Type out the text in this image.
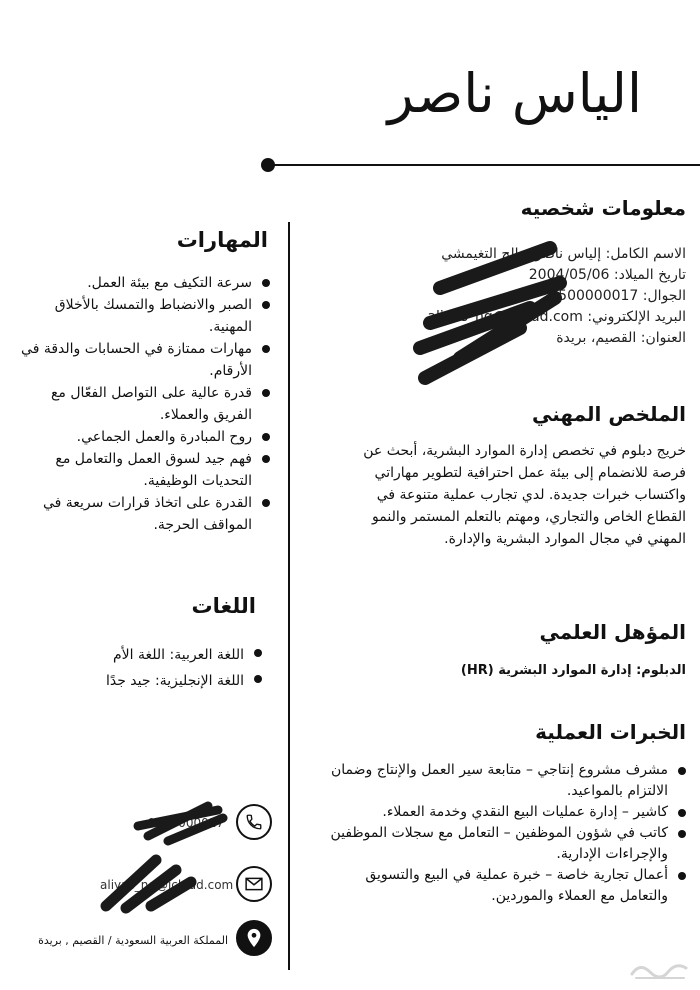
الياس ناصر
معلومات شخصيه
الاسم الكامل: إلياس ناصر صالح التغيمشي
تاريخ الميلاد: 2004/05/06
الجوال: 0500000017
البريد الإلكتروني: aliyas_ng@icloud.com
العنوان: القصيم، بريدة
الملخص المهني
خريج دبلوم في تخصص إدارة الموارد البشرية، أبحث عن فرصة للانضمام إلى بيئة عمل احترافية لتطوير مهاراتي واكتساب خبرات جديدة. لدي تجارب عملية متنوعة في القطاع الخاص والتجاري، ومهتم بالتعلم المستمر والنمو المهني في مجال الموارد البشرية والإدارة.
المؤهل العلمي
الدبلوم: إدارة الموارد البشرية (HR)
الخبرات العملية
مشرف مشروع إنتاجي – متابعة سير العمل والإنتاج وضمان الالتزام بالمواعيد.
كاشير – إدارة عمليات البيع النقدي وخدمة العملاء.
كاتب في شؤون الموظفين – التعامل مع سجلات الموظفين والإجراءات الإدارية.
أعمال تجارية خاصة – خبرة عملية في البيع والتسويق والتعامل مع العملاء والموردين.
المهارات
سرعة التكيف مع بيئة العمل.
الصبر والانضباط والتمسك بالأخلاق المهنية.
مهارات ممتازة في الحسابات والدقة في الأرقام.
قدرة عالية على التواصل الفعّال مع الفريق والعملاء.
روح المبادرة والعمل الجماعي.
فهم جيد لسوق العمل والتعامل مع التحديات الوظيفية.
القدرة على اتخاذ قرارات سريعة في المواقف الحرجة.
اللغات
اللغة العربية: اللغة الأم
اللغة الإنجليزية: جيد جدًا
0500000017
aliyas_ng@icloud.com
المملكة العربية السعودية / القصيم , بريدة
